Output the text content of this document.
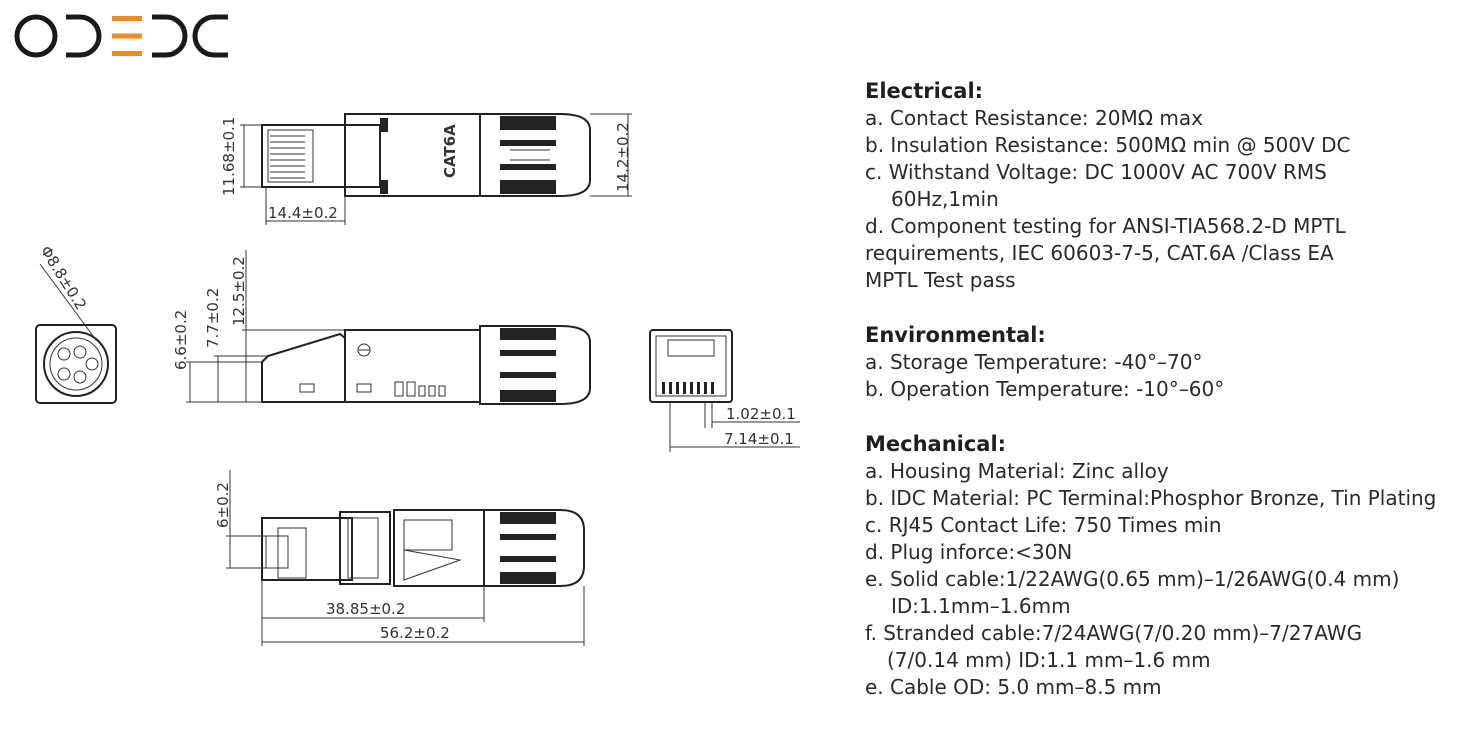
CAT6A
11.68±0.1
14.4±0.2
14.2±0.2
Φ8.8±0.2
6.6±0.2 7.7±0.2 12.5±0.2
1.02±0.1
7.14±0.1
6±0.2
38.85±0.2
56.2±0.2
Electrical:

a. Contact Resistance: 20MΩ max

b. Insulation Resistance: 500MΩ min @ 500V DC

c. Withstand Voltage: DC 1000V AC 700V RMS

60Hz,1min

d. Component testing for ANSI-TIA568.2-D MPTL

requirements, IEC 60603-7-5, CAT.6A /Class EA

MPTL Test pass

Environmental:

a. Storage Temperature: -40°–70°

b. Operation Temperature: -10°–60°

Mechanical:

a. Housing Material: Zinc alloy

b. IDC Material: PC Terminal:Phosphor Bronze, Tin Plating

c. RJ45 Contact Life: 750 Times min

d. Plug inforce:<30N

e. Solid cable:1/22AWG(0.65 mm)–1/26AWG(0.4 mm)

ID:1.1mm–1.6mm

f. Stranded cable:7/24AWG(7/0.20 mm)–7/27AWG

(7/0.14 mm) ID:1.1 mm–1.6 mm

e. Cable OD: 5.0 mm–8.5 mm
